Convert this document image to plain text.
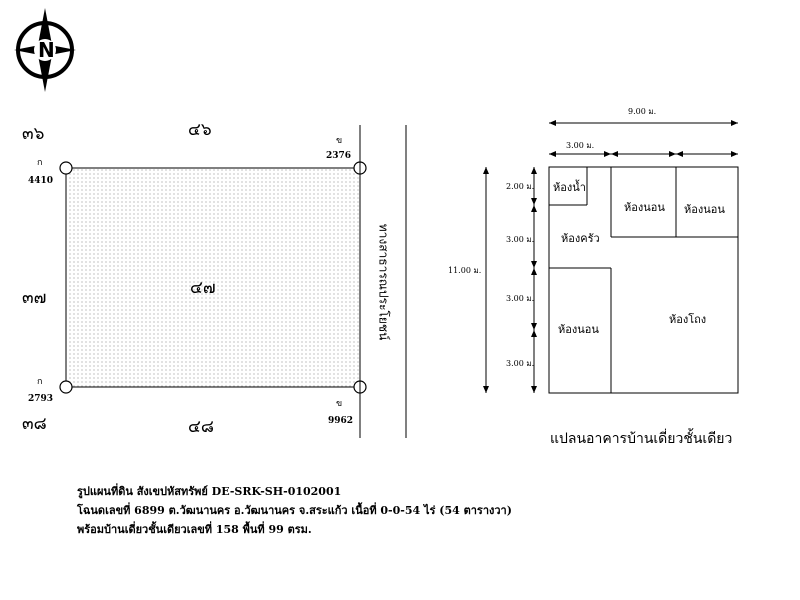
N
๓๖	๔๖
๓๗	๔๗
๓๘	๔๘
ก
4410
ข
2376
ก
2793	ข
9962
ทางสาธารณประโยชน์
9.00 ม.
3.00 ม.
11.00 ม.
2.00 ม.
3.00 ม.
3.00 ม.
3.00 ม.
ห้องน้ำ
ห้องนอน ห้องนอน
ห้องครัว
ห้องนอน
ห้องโถง
แปลนอาคารบ้านเดี่ยวชั้นเดียว
รูปแผนที่ดิน สังเขปหัสทรัพย์ DE-SRK-SH-0102001
โฉนดเลขที่ 6899 ต.วัฒนานคร อ.วัฒนานคร จ.สระแก้ว เนื้อที่ 0-0-54 ไร่ (54 ตารางวา)
พร้อมบ้านเดี่ยวชั้นเดียวเลขที่ 158 พื้นที่ 99 ตรม.
